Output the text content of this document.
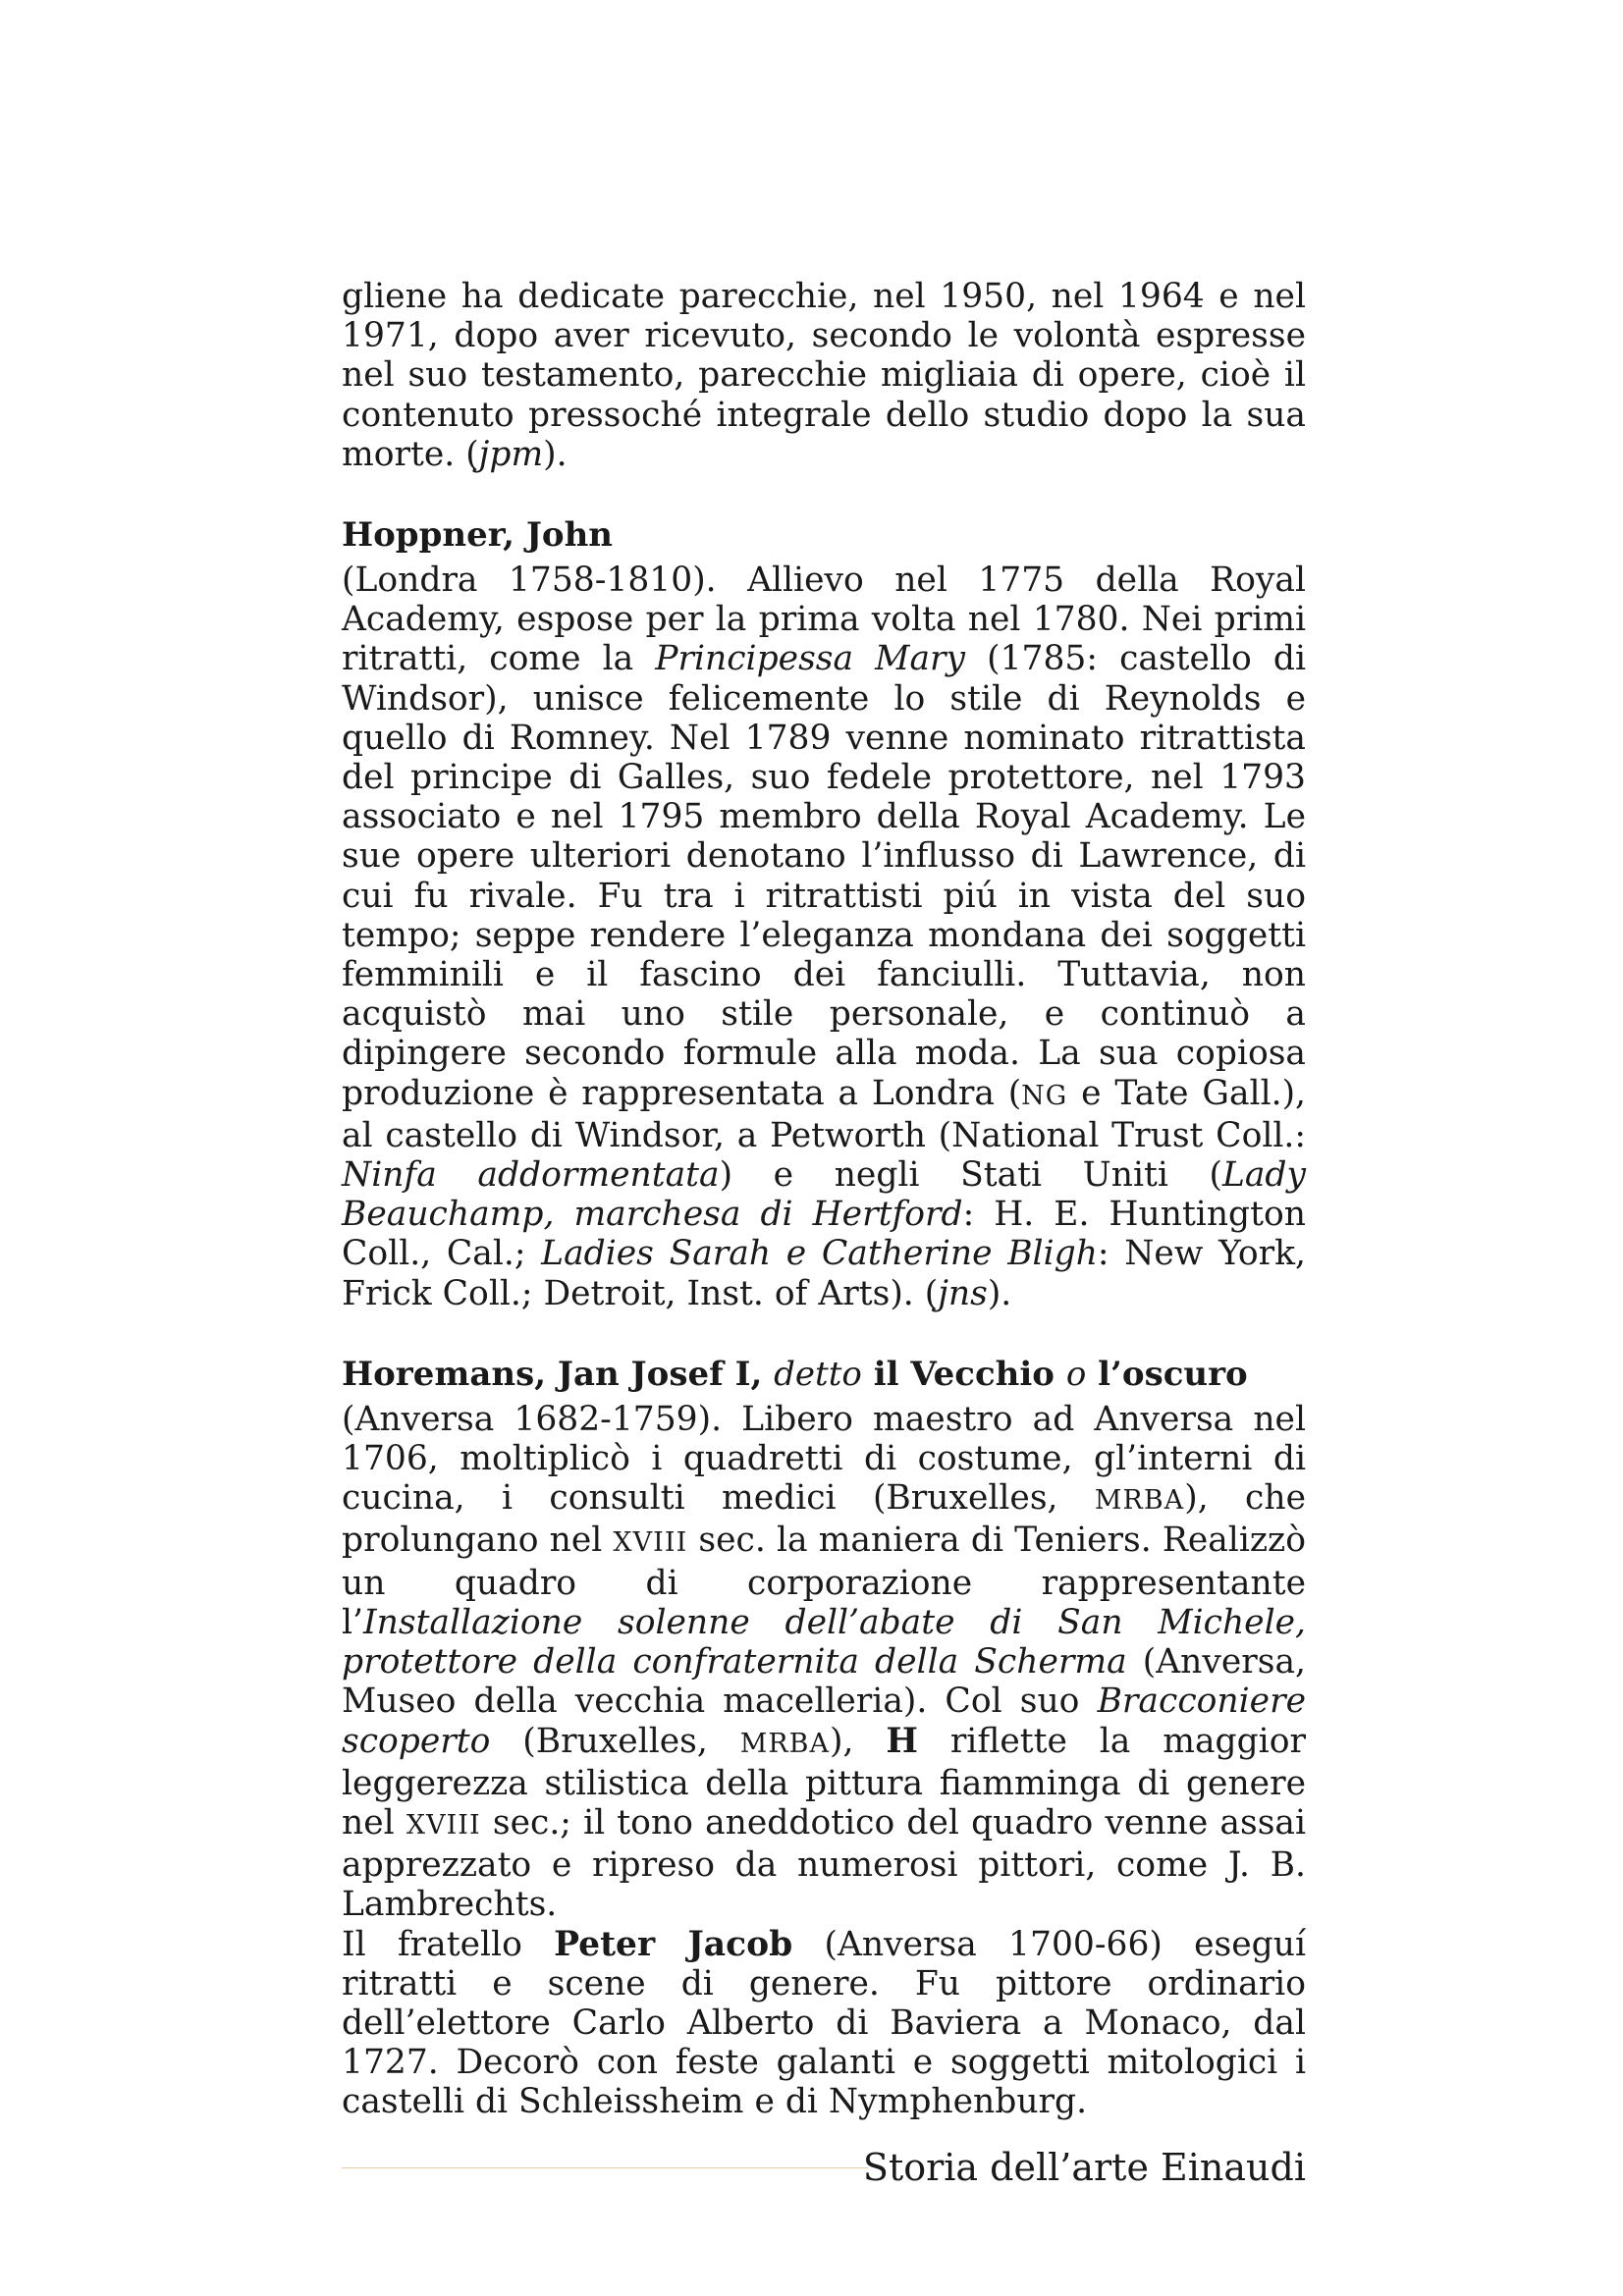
gliene ha dedicate parecchie, nel 1950, nel 1964 e nel 1971, dopo aver ricevuto, secondo le volontà espresse nel suo testamento, parecchie migliaia di opere, cioè il contenuto pressoché integrale dello studio dopo la sua morte. (jpm).

Hoppner, John

(Londra 1758-1810). Allievo nel 1775 della Royal Academy, espose per la prima volta nel 1780. Nei primi ritratti, come la Principessa Mary (1785: castello di Windsor), unisce felicemente lo stile di Reynolds e quello di Romney. Nel 1789 venne nominato ritrattista del principe di Galles, suo fedele protettore, nel 1793 associato e nel 1795 membro della Royal Academy. Le sue opere ulteriori denotano l’influsso di Lawrence, di cui fu rivale. Fu tra i ritrattisti piú in vista del suo tempo; seppe rendere l’eleganza mondana dei soggetti femminili e il fascino dei fanciulli. Tuttavia, non acquistò mai uno stile personale, e continuò a dipingere secondo formule alla moda. La sua copiosa produzione è rappresentata a Londra (NG e Tate Gall.), al castello di Windsor, a Petworth (National Trust Coll.: Ninfa addormentata) e negli Stati Uniti (Lady Beauchamp, marchesa di Hertford: H. E. Huntington Coll., Cal.; Ladies Sarah e Catherine Bligh: New York, Frick Coll.; Detroit, Inst. of Arts). (jns).

Horemans, Jan Josef I, detto il Vecchio o l’oscuro

(Anversa 1682-1759). Libero maestro ad Anversa nel 1706, moltiplicò i quadretti di costume, gl’interni di cucina, i consulti medici (Bruxelles, MRBA), che prolungano nel XVIII sec. la maniera di Teniers. Realizzò un quadro di corporazione rappresentante l’Installazione solenne dell’abate di San Michele, protettore della confraternita della Scherma (Anversa, Museo della vecchia macelleria). Col suo Bracconiere scoperto (Bruxelles, MRBA), H riflette la maggior leggerezza stilistica della pittura fiamminga di genere nel XVIII sec.; il tono aneddotico del quadro venne assai apprezzato e ripreso da numerosi pittori, come J. B. Lambrechts.

Il fratello Peter Jacob (Anversa 1700-66) eseguí ritratti e scene di genere. Fu pittore ordinario dell’elettore Carlo Alberto di Baviera a Monaco, dal 1727. Decorò con feste galanti e soggetti mitologici i castelli di Schleissheim e di Nymphenburg.

Storia dell’arte Einaudi
